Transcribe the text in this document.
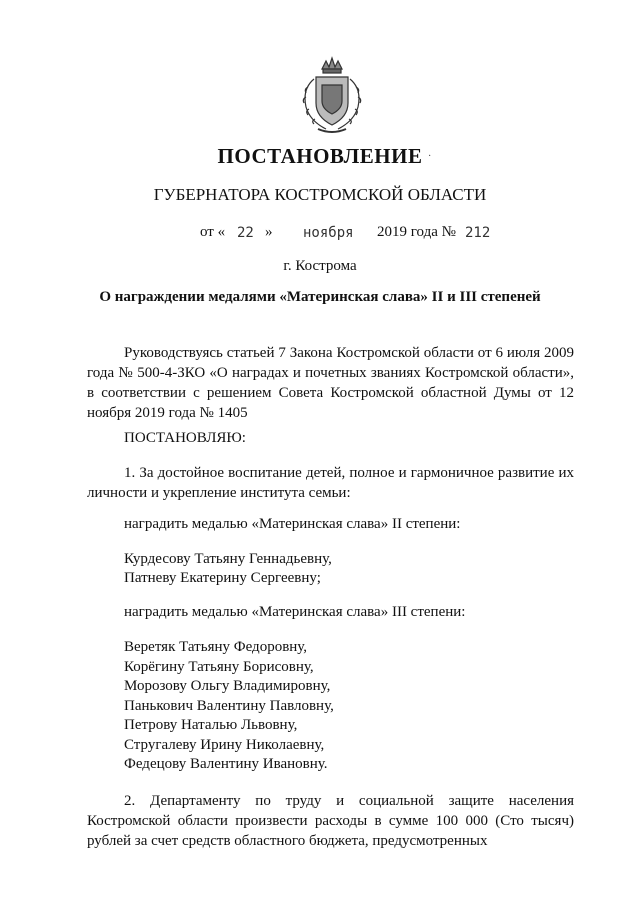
ПОСТАНОВЛЕНИЕ ·
ГУБЕРНАТОРА КОСТРОМСКОЙ ОБЛАСТИ
от « 22 » ноября 2019 года № 212
г. Кострома
О награждении медалями «Материнская слава» II и III степеней
Руководствуясь статьей 7 Закона Костромской области от 6 июля 2009 года № 500-4-ЗКО «О наградах и почетных званиях Костромской области», в соответствии с решением Совета Костромской областной Думы от 12 ноября 2019 года № 1405
ПОСТАНОВЛЯЮ:
1. За достойное воспитание детей, полное и гармоничное развитие их личности и укрепление института семьи:
наградить медалью «Материнская слава» II степени:
Курдесову Татьяну Геннадьевну,
Патневу Екатерину Сергеевну;
наградить медалью «Материнская слава» III степени:
Веретяк Татьяну Федоровну,
Корёгину Татьяну Борисовну,
Морозову Ольгу Владимировну,
Панькович Валентину Павловну,
Петрову Наталью Львовну,
Стругалеву Ирину Николаевну,
Федецову Валентину Ивановну.
2. Департаменту по труду и социальной защите населения Костромской области произвести расходы в сумме 100 000 (Сто тысяч) рублей за счет средств областного бюджета, предусмотренных
